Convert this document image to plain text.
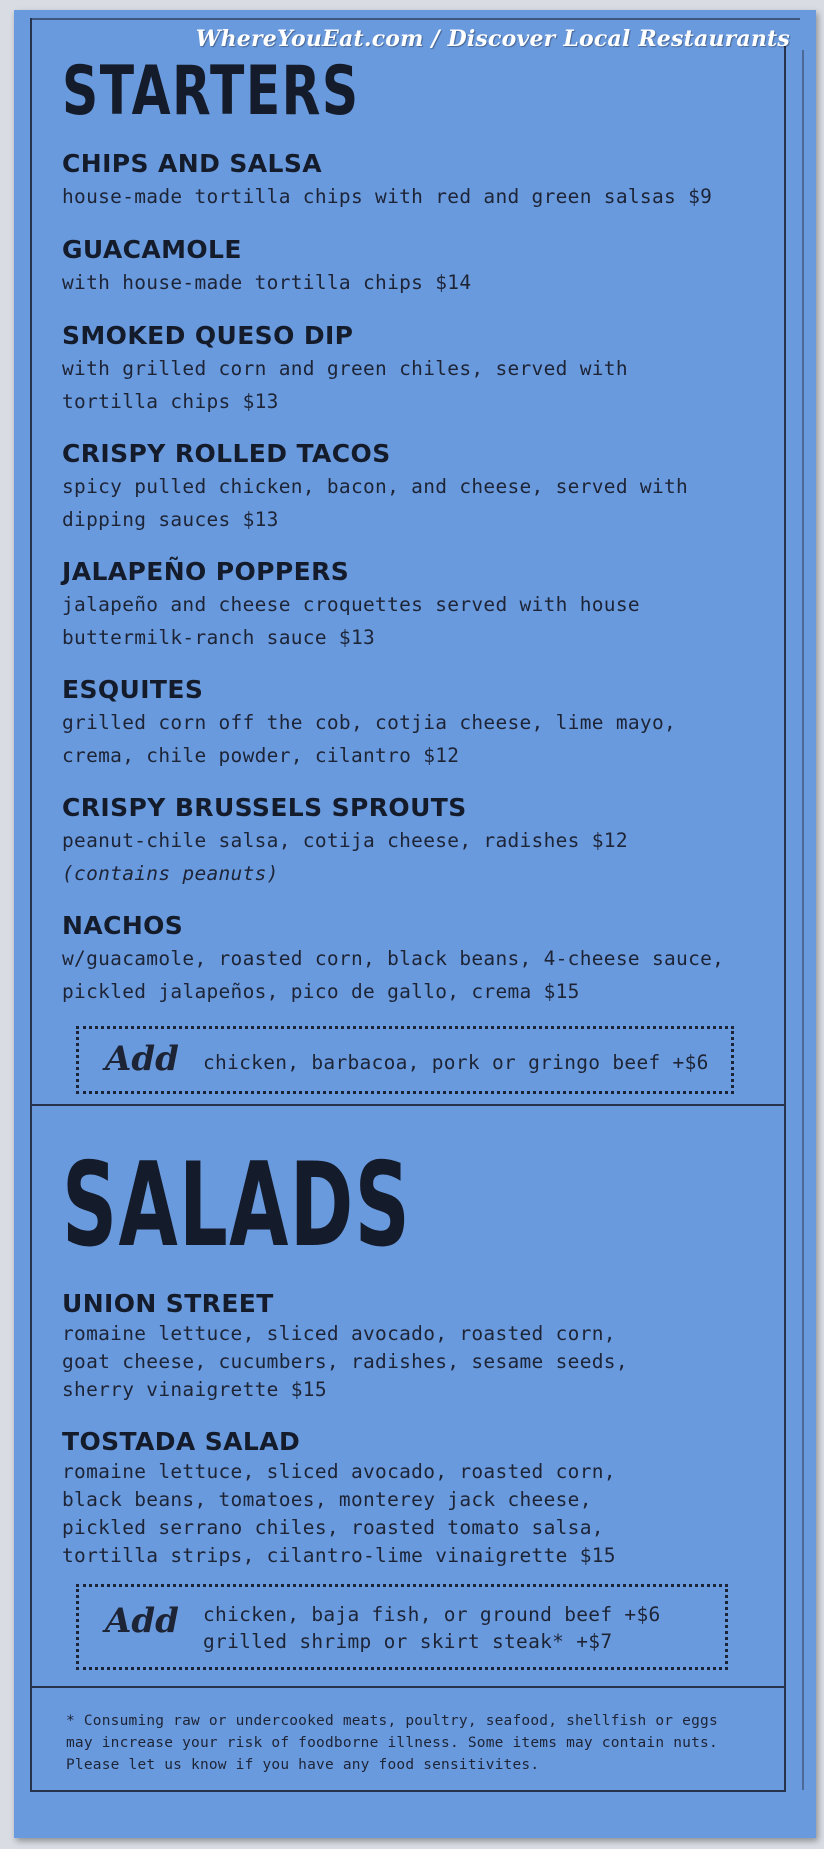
WhereYouEat.com / Discover Local Restaurants
STARTERS

CHIPS AND SALSA

house-made tortilla chips with red and green salsas $9

GUACAMOLE

with house-made tortilla chips $14

SMOKED QUESO DIP

with grilled corn and green chiles, served with

tortilla chips $13

CRISPY ROLLED TACOS

spicy pulled chicken, bacon, and cheese, served with

dipping sauces $13

JALAPEÑO POPPERS

jalapeño and cheese croquettes served with house

buttermilk-ranch sauce $13

ESQUITES

grilled corn off the cob, cotjia cheese, lime mayo,

crema, chile powder, cilantro $12

CRISPY BRUSSELS SPROUTS

peanut-chile salsa, cotija cheese, radishes $12

(contains peanuts)

NACHOS

w/guacamole, roasted corn, black beans, 4-cheese sauce,

pickled jalapeños, pico de gallo, crema $15

Add chicken, barbacoa, pork or gringo beef +$6
SALADS

UNION STREET

romaine lettuce, sliced avocado, roasted corn,

goat cheese, cucumbers, radishes, sesame seeds,

sherry vinaigrette $15

TOSTADA SALAD

romaine lettuce, sliced avocado, roasted corn,

black beans, tomatoes, monterey jack cheese,

pickled serrano chiles, roasted tomato salsa,

tortilla strips, cilantro-lime vinaigrette $15

Add chicken, baja fish, or ground beef +$6
grilled shrimp or skirt steak* +$7
* Consuming raw or undercooked meats, poultry, seafood, shellfish or eggs
may increase your risk of foodborne illness. Some items may contain nuts.
Please let us know if you have any food sensitivites.
